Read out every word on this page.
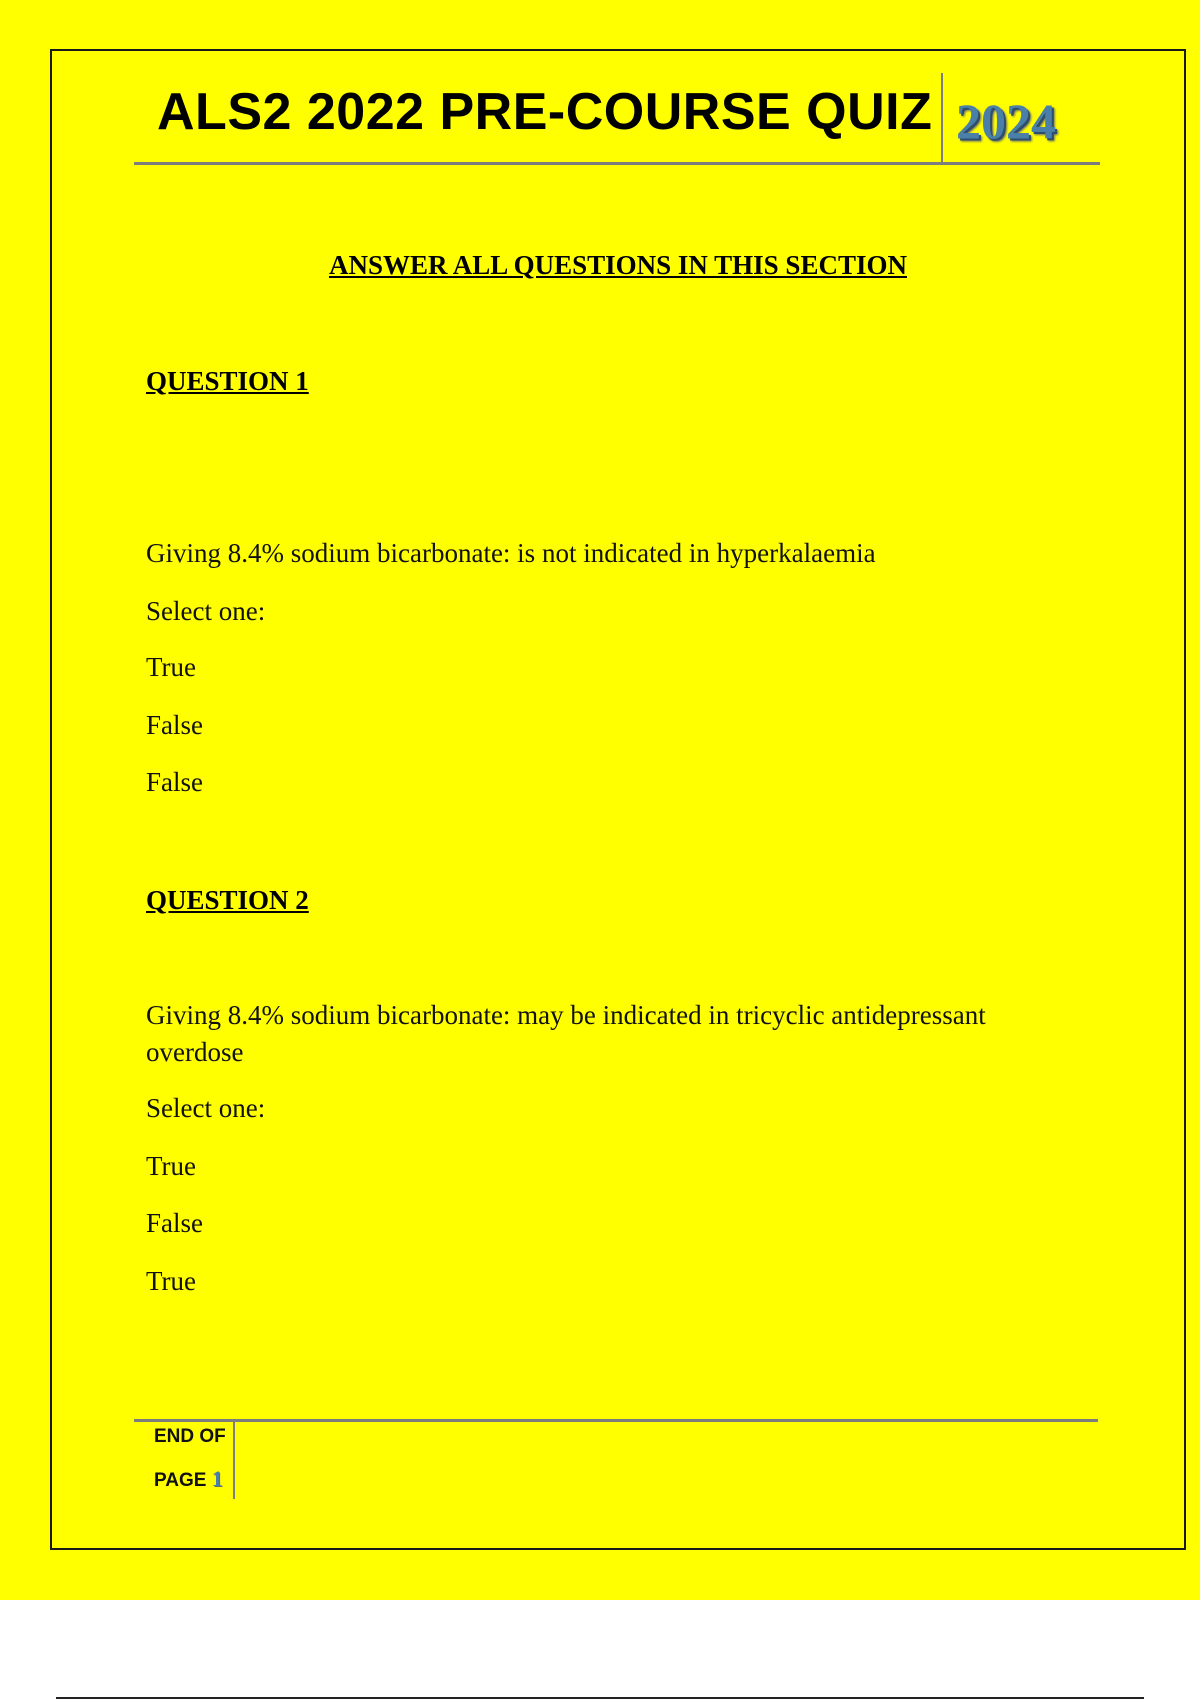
ALS2 2022 PRE-COURSE QUIZ 2024
ANSWER ALL QUESTIONS IN THIS SECTION
QUESTION 1
Giving 8.4% sodium bicarbonate: is not indicated in hyperkalaemia
Select one:
True
False
False
QUESTION 2
Giving 8.4% sodium bicarbonate: may be indicated in tricyclic antidepressant
overdose
Select one:
True
False
True
END OF
PAGE 1
